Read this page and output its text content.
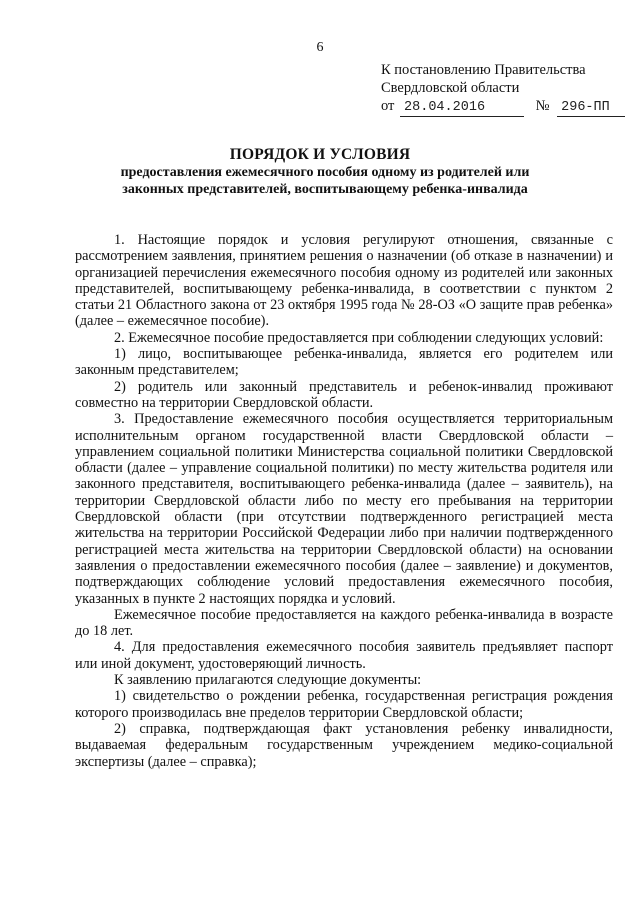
6
К постановлению Правительства
Свердловской области
от 28.04.2016	№ 296-ПП
ПОРЯДОК И УСЛОВИЯ
предоставления ежемесячного пособия одному из родителей или законных представителей, воспитывающему ребенка-инвалида

1. Настоящие порядок и условия регулируют отношения, связанные с рассмотрением заявления, принятием решения о назначении (об отказе в назначении) и организацией перечисления ежемесячного пособия одному из родителей или законных представителей, воспитывающему ребенка-инвалида, в соответствии с пунктом 2 статьи 21 Областного закона от 23 октября 1995 года № 28-ОЗ «О защите прав ребенка» (далее – ежемесячное пособие).

2. Ежемесячное пособие предоставляется при соблюдении следующих условий:

1) лицо, воспитывающее ребенка-инвалида, является его родителем или законным представителем;

2) родитель или законный представитель и ребенок-инвалид проживают совместно на территории Свердловской области.

3. Предоставление ежемесячного пособия осуществляется территориальным исполнительным органом государственной власти Свердловской области – управлением социальной политики Министерства социальной политики Свердловской области (далее – управление социальной политики) по месту жительства родителя или законного представителя, воспитывающего ребенка-инвалида (далее – заявитель), на территории Свердловской области либо по месту его пребывания на территории Свердловской области (при отсутствии подтвержденного регистрацией места жительства на территории Российской Федерации либо при наличии подтвержденного регистрацией места жительства на территории Свердловской области) на основании заявления о предоставлении ежемесячного пособия (далее – заявление) и документов, подтверждающих соблюдение условий предоставления ежемесячного пособия, указанных в пункте 2 настоящих порядка и условий.

Ежемесячное пособие предоставляется на каждого ребенка-инвалида в возрасте до 18 лет.

4. Для предоставления ежемесячного пособия заявитель предъявляет паспорт или иной документ, удостоверяющий личность.

К заявлению прилагаются следующие документы:

1) свидетельство о рождении ребенка, государственная регистрация рождения которого производилась вне пределов территории Свердловской области;

2) справка, подтверждающая факт установления ребенку инвалидности, выдаваемая федеральным государственным учреждением медико-социальной экспертизы (далее – справка);
